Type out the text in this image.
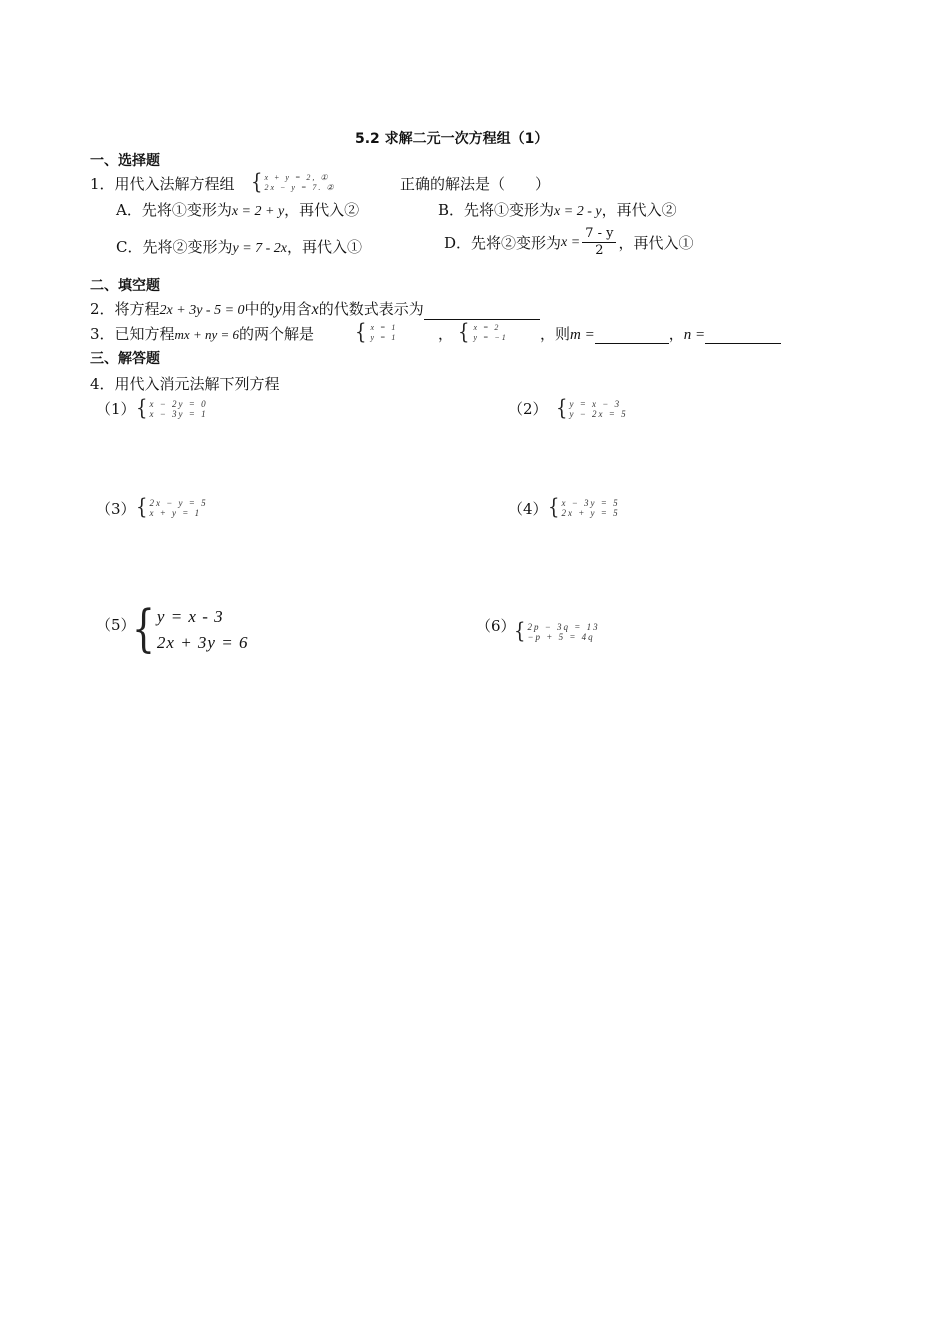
5.2 求解二元一次方程组（1）
一、选择题
1．用代入法解方程组 { x + y = 2, ①
2x − y = 7. ②	正确的解法是（　　）
A．先将①变形为x = 2 + y，再代入②	B．先将①变形为x = 2 - y，再代入②
C．先将②变形为y = 7 - 2x，再代入①	D．先将②变形为 $x = \frac{7 - y}{2}$ ，再代入①
二、填空题
2．将方程2x + 3y - 5 = 0中的y用含x的代数式表示为
3．已知方程mx + ny = 6的两个解是 { x = 1
y = 1	， { x = 2
y = −1 ，则m =	，n =
三、解答题
4．用代入消元法解下列方程
（1） { x − 2y = 0
x − 3y = 1	（2） { y = x − 3
y − 2x = 5
（3） { 2x − y = 5
x + y = 1	（4） { x − 3y = 5
2x + y = 5
（5）
{ y = x - 3
2x + 3y = 6
（6）
{ 2p − 3q = 13
−p + 5 = 4q
